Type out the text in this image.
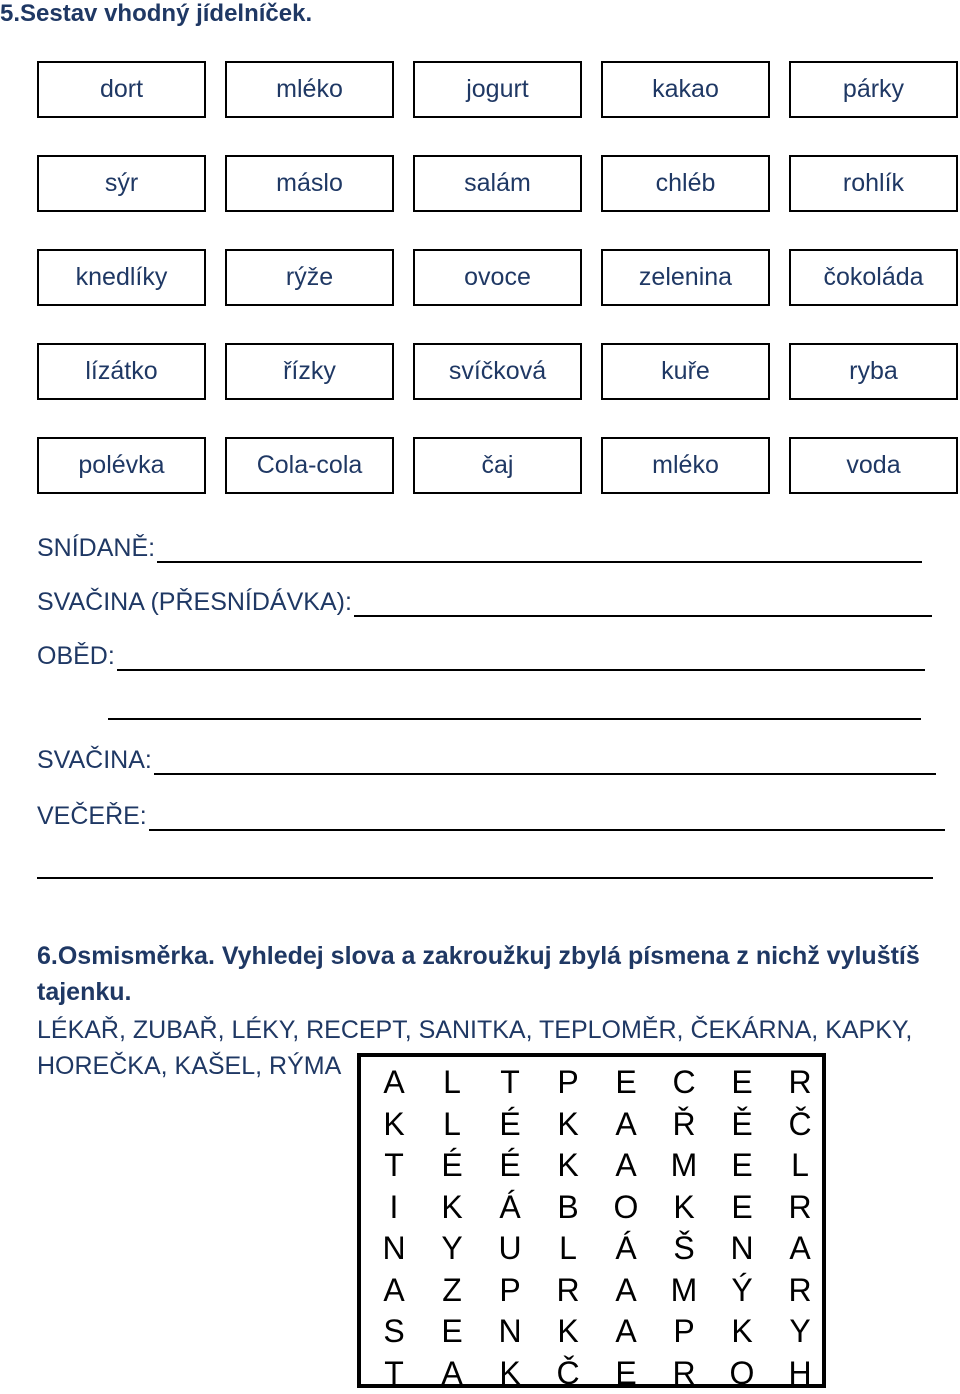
5.Sestav vhodný jídelníček.
dort	mléko	jogurt	kakao	párky
sýr	máslo	salám	chléb	rohlík
knedlíky	rýže	ovoce	zelenina	čokoláda
lízátko	řízky	svíčková	kuře	ryba
polévka	Cola-cola	čaj	mléko	voda
SNÍDANĚ:
SVAČINA (PŘESNÍDÁVKA):
OBĚD:
SVAČINA:
VEČEŘE:
6.Osmisměrka. Vyhledej slova a zakroužkuj zbylá písmena z nichž vyluštíš tajenku.
LÉKAŘ, ZUBAŘ, LÉKY, RECEPT, SANITKA, TEPLOMĚR, ČEKÁRNA, KAPKY, HOREČKA, KAŠEL, RÝMA	A	L	T	P	E	C	E	R
K	L	É	K	A	Ř	Ě	Č
T	É	É	K	A	M	E	L
I	K	Á	B	O	K	E	R
N	Y	U	L	Á	Š	N	A
A	Z	P	R	A	M	Ý	R
S	E	N	K	A	P	K	Y
T	A	K	Č	E	R	O	H
